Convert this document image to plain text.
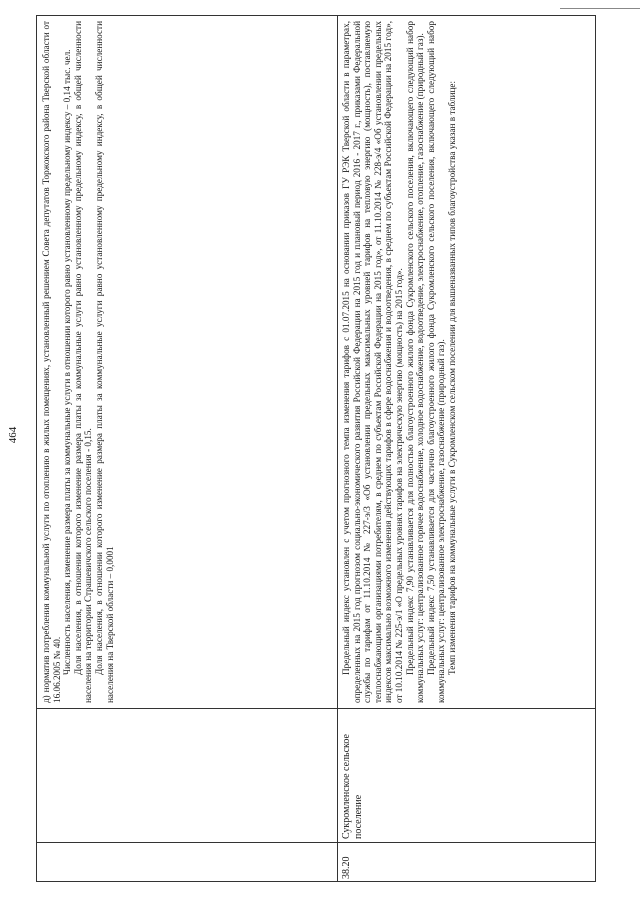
464 д) норматив потребления коммунальной услуги по отоплению в жилых помещениях, установленный решением Совета депутатов Торжокского района Тверской области от 16.06.2005 № 40. Численность населения, изменение размера платы за коммунальные услуги в отношении которого равно установленному предельному индексу – 0,14 тыс. чел. Доля населения, в отношении которого изменение размера платы за коммунальные услуги равно установленному предельному индексу, в общей численности населения на территории Страшевичского сельского поселения - 0,15. Доля населения, в отношении которого изменение размера платы за коммунальные услуги равно установленному предельному индексу, в общей численности населения на Тверской области – 0,0001

38.20
Сукромленское сельское поселение

Предельный индекс установлен с учетом прогнозного темпа изменения тарифов с 01.07.2015 на основании приказов ГУ РЭК Тверской области в параметрах, определенных на 2015 год прогнозом социально-экономического развития Российской Федерации на 2015 год и плановый период 2016 - 2017 г., приказами Федеральной службы по тарифам от 11.10.2014 № 227-э/3 «Об установлении предельных максимальных уровней тарифов на тепловую энергию (мощность), поставляемую теплоснабжающими организациями потребителям, в среднем по субъектам Российской Федерации на 2015 год», от 11.10.2014 № 228-э/4 «Об установлении предельных индексов максимально возможного изменения действующих тарифов в сфере водоснабжения и водоотведения, в среднем по субъектам Российской Федерации на 2015 год», от 10.10.2014 № 225-э/1 «О предельных уровнях тарифов на электрическую энергию (мощность) на 2015 год». Предельный индекс 7,90 устанавливается для полностью благоустроенного жилого фонда Сукромленского сельского поселения, включающего следующий набор коммунальных услуг: централизованное горячее водоснабжение, холодное водоснабжение, водоотведение, электроснабжение, отопление, газоснабжение (природный газ). Предельный индекс 7,50 устанавливается для частично благоустроенного жилого фонда Сукромленского сельского поселения, включающего следующий набор коммунальных услуг: централизованное электроснабжение, газоснабжение (природный газ). Темп изменения тарифов на коммунальные услуги в Сукромленском сельском поселении для вышеназванных типов благоустройства указан в таблице:
